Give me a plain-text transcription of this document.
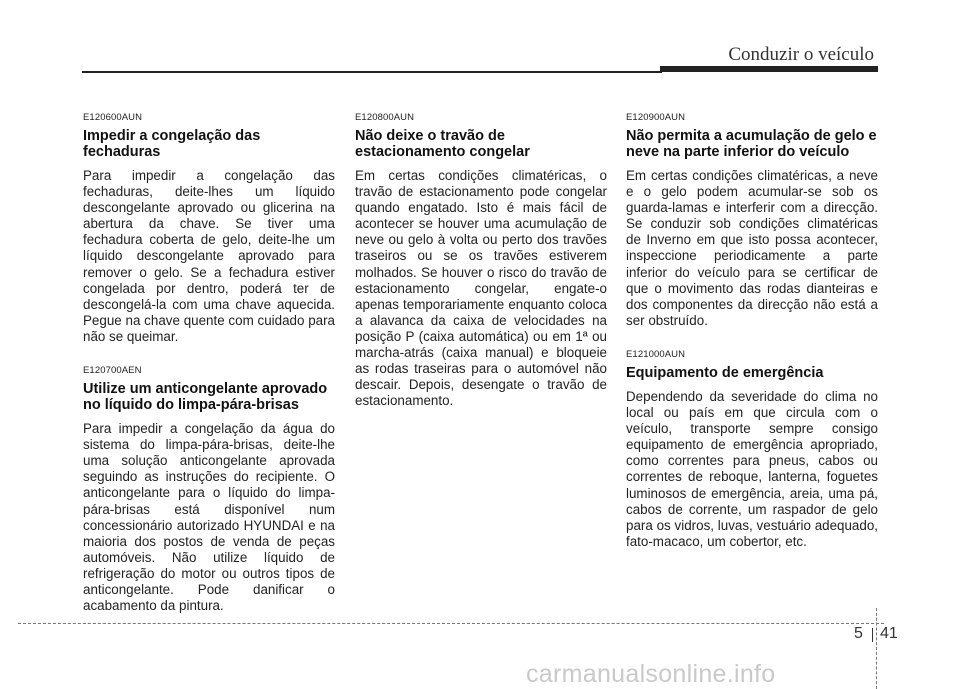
Conduzir o veículo
E120600AUN
Impedir a congelação das fechaduras
Para impedir a congelação das fechaduras, deite-lhes um líquido descongelante aprovado ou glicerina na abertura da chave. Se tiver uma fechadura coberta de gelo, deite-lhe um líquido descongelante aprovado para remover o gelo. Se a fechadura estiver congelada por dentro, poderá ter de descongelá-la com uma chave aquecida. Pegue na chave quente com cuidado para não se queimar.
E120700AEN
Utilize um anticongelante aprovado no líquido do limpa-pára-brisas
Para impedir a congelação da água do sistema do limpa-pára-brisas, deite-lhe uma solução anticongelante aprovada seguindo as instruções do recipiente. O anticongelante para o líquido do limpa-pára-brisas está disponível num concessionário autorizado HYUNDAI e na maioria dos postos de venda de peças automóveis. Não utilize líquido de refrigeração do motor ou outros tipos de anticongelante. Pode danificar o acabamento da pintura.
E120800AUN
Não deixe o travão de estacionamento congelar
Em certas condições climatéricas, o travão de estacionamento pode congelar quando engatado. Isto é mais fácil de acontecer se houver uma acumulação de neve ou gelo à volta ou perto dos travões traseiros ou se os travões estiverem molhados. Se houver o risco do travão de estacionamento congelar, engate-o apenas temporariamente enquanto coloca a alavanca da caixa de velocidades na posição P (caixa automática) ou em 1ª ou marcha-atrás (caixa manual) e bloqueie as rodas traseiras para o automóvel não descair. Depois, desengate o travão de estacionamento.
E120900AUN
Não permita a acumulação de gelo e neve na parte inferior do veículo
Em certas condições climatéricas, a neve e o gelo podem acumular-se sob os guarda-lamas e interferir com a direcção. Se conduzir sob condições climatéricas de Inverno em que isto possa acontecer, inspeccione periodicamente a parte inferior do veículo para se certificar de que o movimento das rodas dianteiras e dos componentes da direcção não está a ser obstruído.
E121000AUN
Equipamento de emergência
Dependendo da severidade do clima no local ou país em que circula com o veículo, transporte sempre consigo equipamento de emergência apropriado, como correntes para pneus, cabos ou correntes de reboque, lanterna, foguetes luminosos de emergência, areia, uma pá, cabos de corrente, um raspador de gelo para os vidros, luvas, vestuário adequado, fato-macaco, um cobertor, etc.
5 41
carmanualsonline.info
